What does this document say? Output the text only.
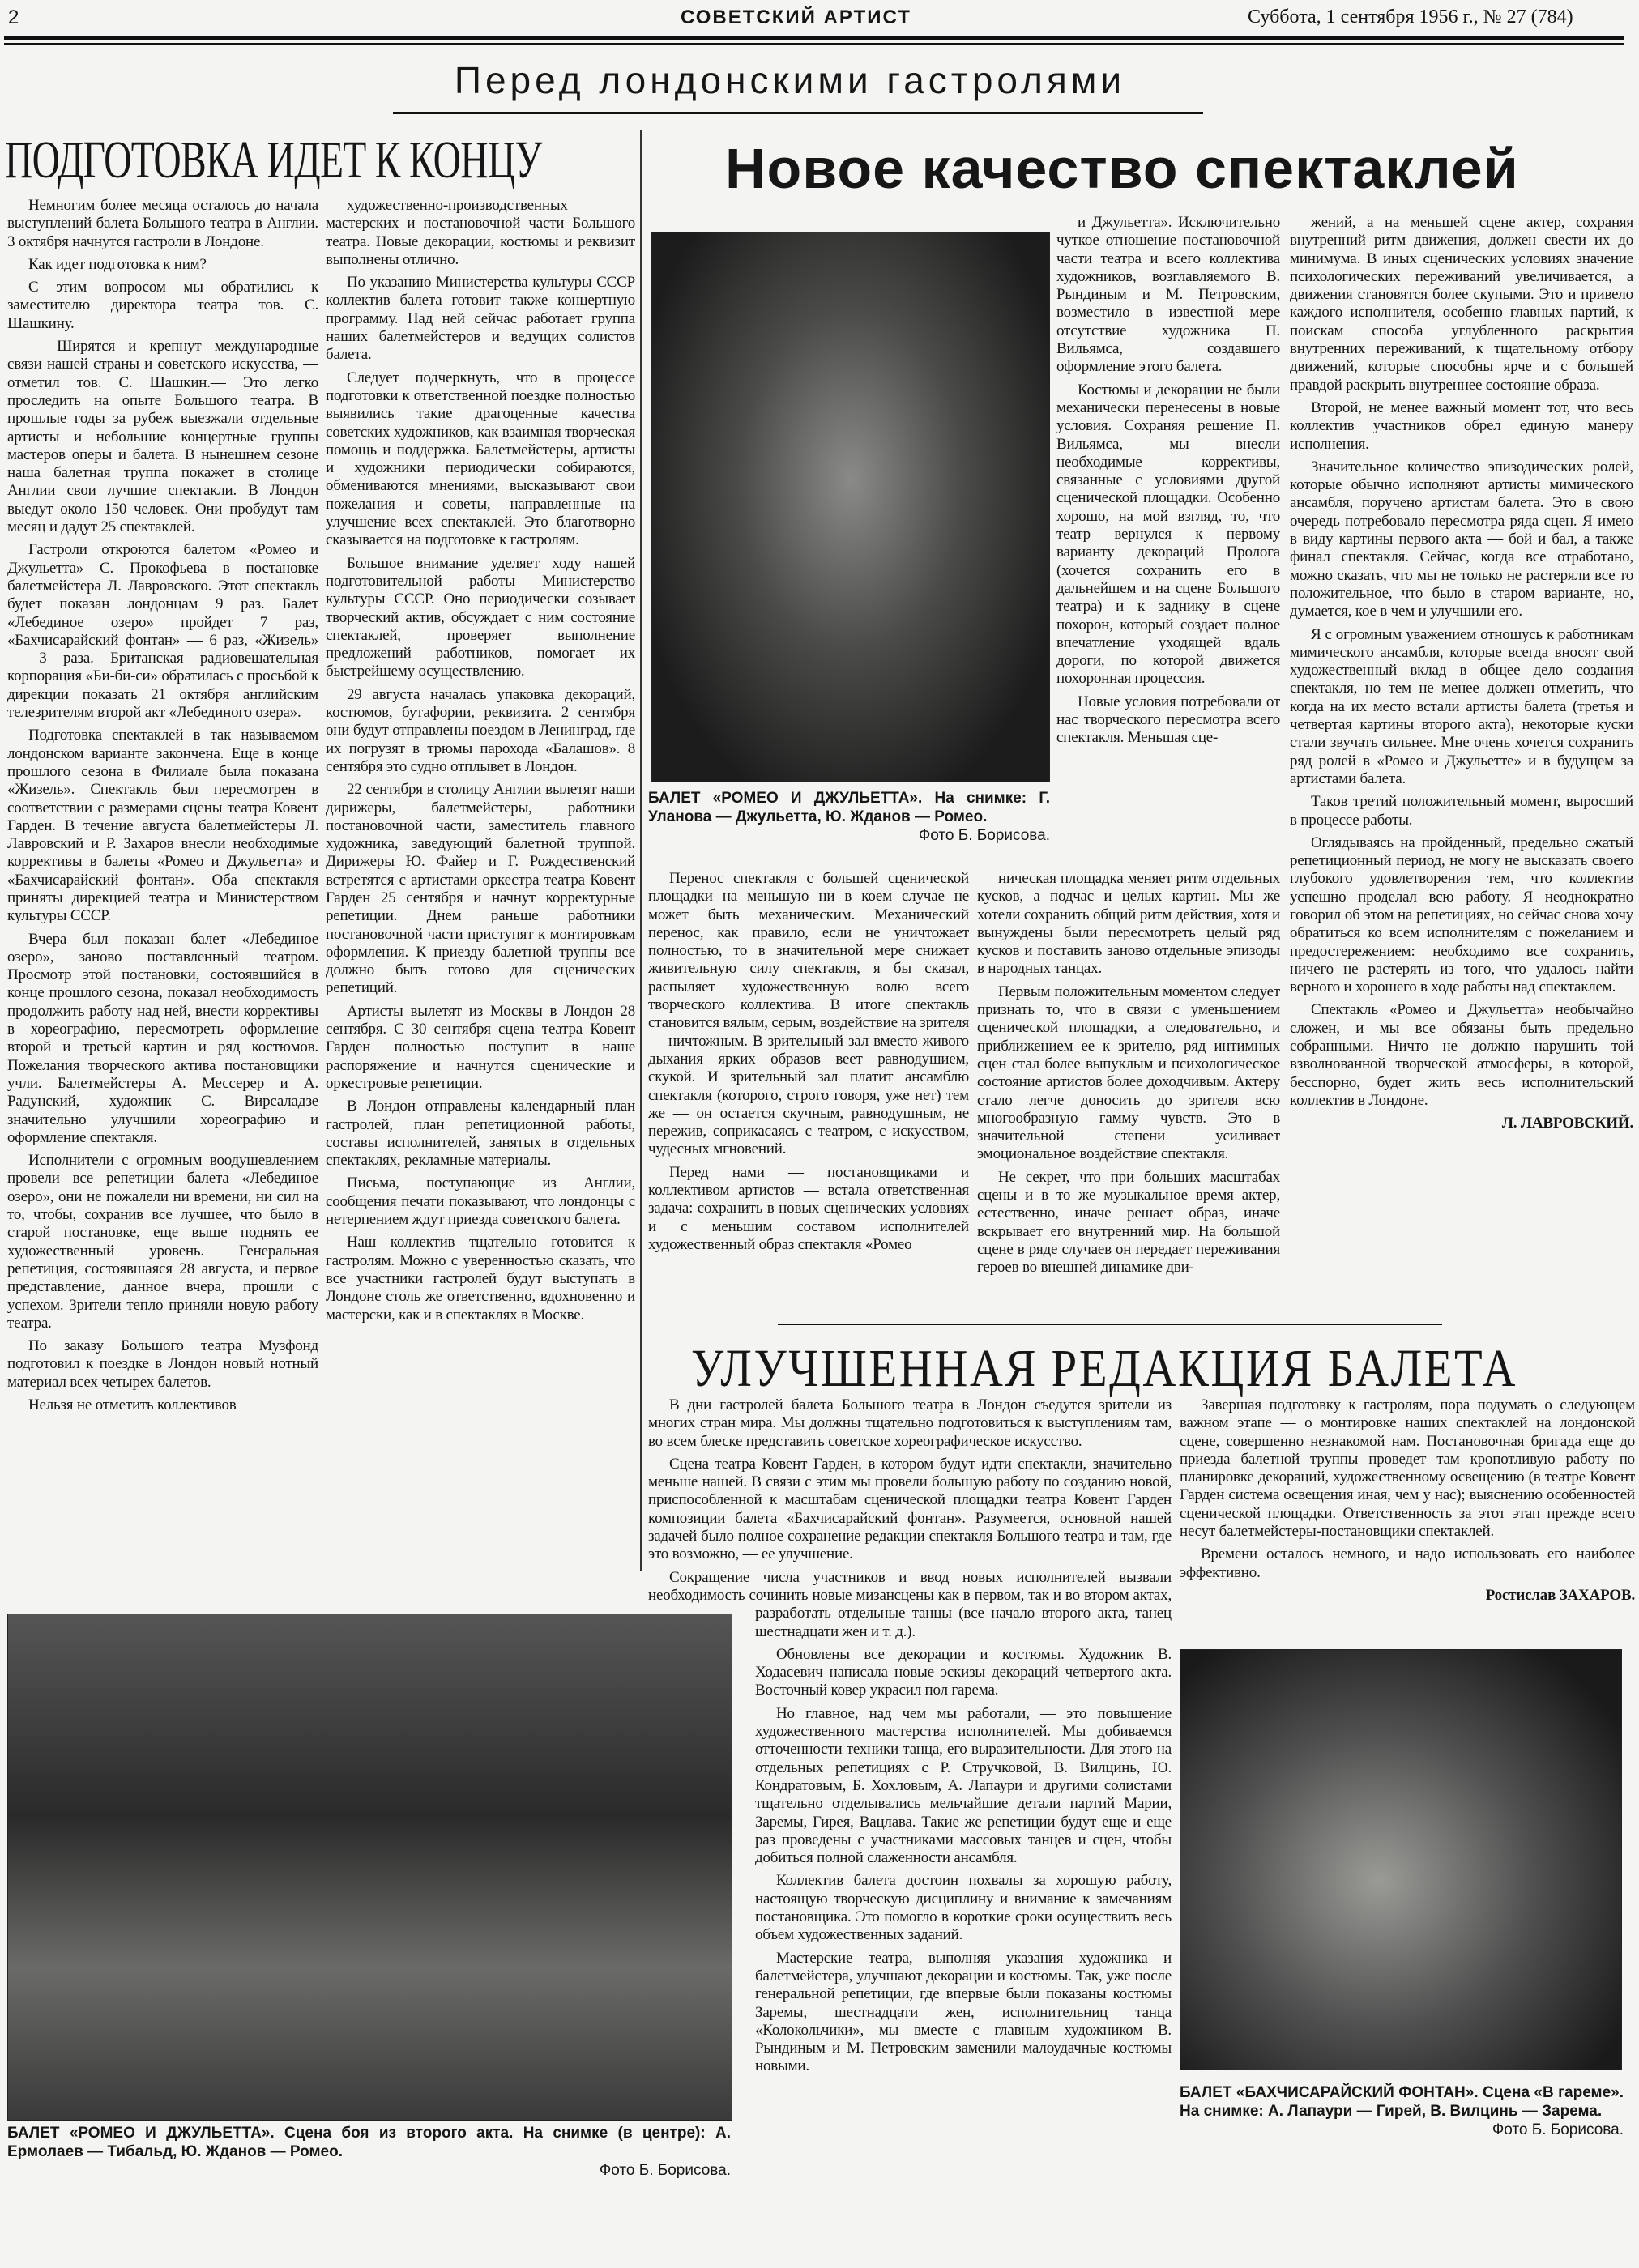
2	СОВЕТСКИЙ АРТИСТ	Суббота, 1 сентября 1956 г., № 27 (784)
Перед лондонскими гастролями
ПОДГОТОВКА ИДЕТ К КОНЦУ

Немногим более месяца осталось до начала выступлений балета Большого театра в Англии. 3 октября начнутся гастроли в Лондоне.

Как идет подготовка к ним?

С этим вопросом мы обратились к заместителю директора театра тов. С. Шашкину.

— Ширятся и крепнут международные связи нашей страны и советского искусства, — отметил тов. С. Шашкин.— Это легко проследить на опыте Большого театра. В прошлые годы за рубеж выезжали отдельные артисты и небольшие концертные группы мастеров оперы и балета. В нынешнем сезоне наша балетная труппа покажет в столице Англии свои лучшие спектакли. В Лондон выедут около 150 человек. Они пробудут там месяц и дадут 25 спектаклей.

Гастроли откроются балетом «Ромео и Джульетта» С. Прокофьева в постановке балетмейстера Л. Лавровского. Этот спектакль будет показан лондонцам 9 раз. Балет «Лебединое озеро» пройдет 7 раз, «Бахчисарайский фонтан» — 6 раз, «Жизель» — 3 раза. Британская радиовещательная корпорация «Би-би-си» обратилась с просьбой к дирекции показать 21 октября английским телезрителям второй акт «Лебединого озера».

Подготовка спектаклей в так называемом лондонском варианте закончена. Еще в конце прошлого сезона в Филиале была показана «Жизель». Спектакль был пересмотрен в соответствии с размерами сцены театра Ковент Гарден. В течение августа балетмейстеры Л. Лавровский и Р. Захаров внесли необходимые коррективы в балеты «Ромео и Джульетта» и «Бахчисарайский фонтан». Оба спектакля приняты дирекцией театра и Министерством культуры СССР.

Вчера был показан балет «Лебединое озеро», заново поставленный театром. Просмотр этой постановки, состоявшийся в конце прошлого сезона, показал необходимость продолжить работу над ней, внести коррективы в хореографию, пересмотреть оформление второй и третьей картин и ряд костюмов. Пожелания творческого актива постановщики учли. Балетмейстеры А. Мессерер и А. Радунский, художник С. Вирсаладзе значительно улучшили хореографию и оформление спектакля.

Исполнители с огромным воодушевлением провели все репетиции балета «Лебединое озеро», они не пожалели ни времени, ни сил на то, чтобы, сохранив все лучшее, что было в старой постановке, еще выше поднять ее художественный уровень. Генеральная репетиция, состоявшаяся 28 августа, и первое представление, данное вчера, прошли с успехом. Зрители тепло приняли новую работу театра.

По заказу Большого театра Музфонд подготовил к поездке в Лондон новый нотный материал всех четырех балетов.

Нельзя не отметить коллективов

художественно-производственных мастерских и постановочной части Большого театра. Новые декорации, костюмы и реквизит выполнены отлично.

По указанию Министерства культуры СССР коллектив балета готовит также концертную программу. Над ней сейчас работает группа наших балетмейстеров и ведущих солистов балета.

Следует подчеркнуть, что в процессе подготовки к ответственной поездке полностью выявились такие драгоценные качества советских художников, как взаимная творческая помощь и поддержка. Балетмейстеры, артисты и художники периодически собираются, обмениваются мнениями, высказывают свои пожелания и советы, направленные на улучшение всех спектаклей. Это благотворно сказывается на подготовке к гастролям.

Большое внимание уделяет ходу нашей подготовительной работы Министерство культуры СССР. Оно периодически созывает творческий актив, обсуждает с ним состояние спектаклей, проверяет выполнение предложений работников, помогает их быстрейшему осуществлению.

29 августа началась упаковка декораций, костюмов, бутафории, реквизита. 2 сентября они будут отправлены поездом в Ленинград, где их погрузят в трюмы парохода «Балашов». 8 сентября это судно отплывет в Лондон.

22 сентября в столицу Англии вылетят наши дирижеры, балетмейстеры, работники постановочной части, заместитель главного художника, заведующий балетной труппой. Дирижеры Ю. Файер и Г. Рождественский встретятся с артистами оркестра театра Ковент Гарден 25 сентября и начнут корректурные репетиции. Днем раньше работники постановочной части приступят к монтировкам оформления. К приезду балетной труппы все должно быть готово для сценических репетиций.

Артисты вылетят из Москвы в Лондон 28 сентября. С 30 сентября сцена театра Ковент Гарден полностью поступит в наше распоряжение и начнутся сценические и оркестровые репетиции.

В Лондон отправлены календарный план гастролей, план репетиционной работы, составы исполнителей, занятых в отдельных спектаклях, рекламные материалы.

Письма, поступающие из Англии, сообщения печати показывают, что лондонцы с нетерпением ждут приезда советского балета.

Наш коллектив тщательно готовится к гастролям. Можно с уверенностью сказать, что все участники гастролей будут выступать в Лондоне столь же ответственно, вдохновенно и мастерски, как и в спектаклях в Москве.

Новое качество спектаклей
БАЛЕТ «РОМЕО И ДЖУЛЬЕТТА». На снимке: Г. Уланова — Джульетта, Ю. Жданов — Ромео.
Фото Б. Борисова.

и Джульетта». Исключительно чуткое отношение постановочной части театра и всего коллектива художников, возглавляемого В. Рындиным и М. Петровским, возместило в известной мере отсутствие художника П. Вильямса, создавшего оформление этого балета.

Костюмы и декорации не были механически перенесены в новые условия. Сохраняя решение П. Вильямса, мы внесли необходимые коррективы, связанные с условиями другой сценической площадки. Особенно хорошо, на мой взгляд, то, что театр вернулся к первому варианту декораций Пролога (хочется сохранить его в дальнейшем и на сцене Большого театра) и к заднику в сцене похорон, который создает полное впечатление уходящей вдаль дороги, по которой движется похоронная процессия.

Новые условия потребовали от нас творческого пересмотра всего спектакля. Меньшая сце-

жений, а на меньшей сцене актер, сохраняя внутренний ритм движения, должен свести их до минимума. В иных сценических условиях значение психологических переживаний увеличивается, а движения становятся более скупыми. Это и привело каждого исполнителя, особенно главных партий, к поискам способа углубленного раскрытия внутренних переживаний, к тщательному отбору движений, которые способны ярче и с большей правдой раскрыть внутреннее состояние образа.

Второй, не менее важный момент тот, что весь коллектив участников обрел единую манеру исполнения.

Значительное количество эпизодических ролей, которые обычно исполняют артисты мимического ансамбля, поручено артистам балета. Это в свою очередь потребовало пересмотра ряда сцен. Я имею в виду картины первого акта — бой и бал, а также финал спектакля. Сейчас, когда все отработано, можно сказать, что мы не только не растеряли все то положительное, что было в старом варианте, но, думается, кое в чем и улучшили его.

Я с огромным уважением отношусь к работникам мимического ансамбля, которые всегда вносят свой художественный вклад в общее дело создания спектакля, но тем не менее должен отметить, что когда на их место встали артисты балета (третья и четвертая картины второго акта), некоторые куски стали звучать сильнее. Мне очень хочется сохранить ряд ролей в «Ромео и Джульетте» и в будущем за артистами балета.

Таков третий положительный момент, выросший в процессе работы.

Оглядываясь на пройденный, предельно сжатый репетиционный период, не могу не высказать своего глубокого удовлетворения тем, что коллектив успешно проделал всю работу. Я неоднократно говорил об этом на репетициях, но сейчас снова хочу обратиться ко всем исполнителям с пожеланием и предостережением: необходимо все сохранить, ничего не растерять из того, что удалось найти верного и хорошего в ходе работы над спектаклем.

Спектакль «Ромео и Джульетта» необычайно сложен, и мы все обязаны быть предельно собранными. Ничто не должно нарушить той взволнованной творческой атмосферы, в которой, бесспорно, будет жить весь исполнительский коллектив в Лондоне.

Л. ЛАВРОВСКИЙ.

Перенос спектакля с большей сценической площадки на меньшую ни в коем случае не может быть механическим. Механический перенос, как правило, если не уничтожает полностью, то в значительной мере снижает живительную силу спектакля, я бы сказал, распыляет художественную волю всего творческого коллектива. В итоге спектакль становится вялым, серым, воздействие на зрителя — ничтожным. В зрительный зал вместо живого дыхания ярких образов веет равнодушием, скукой. И зрительный зал платит ансамблю спектакля (которого, строго говоря, уже нет) тем же — он остается скучным, равнодушным, не пережив, соприкасаясь с театром, с искусством, чудесных мгновений.

Перед нами — постановщиками и коллективом артистов — встала ответственная задача: сохранить в новых сценических условиях и с меньшим составом исполнителей художественный образ спектакля «Ромео

ническая площадка меняет ритм отдельных кусков, а подчас и целых картин. Мы же хотели сохранить общий ритм действия, хотя и вынуждены были пересмотреть целый ряд кусков и поставить заново отдельные эпизоды в народных танцах.

Первым положительным моментом следует признать то, что в связи с уменьшением сценической площадки, а следовательно, и приближением ее к зрителю, ряд интимных сцен стал более выпуклым и психологическое состояние артистов более доходчивым. Актеру стало легче доносить до зрителя всю многообразную гамму чувств. Это в значительной степени усиливает эмоциональное воздействие спектакля.

Не секрет, что при больших масштабах сцены и в то же музыкальное время актер, естественно, иначе решает образ, иначе вскрывает его внутренний мир. На большой сцене в ряде случаев он передает переживания героев во внешней динамике дви-

УЛУЧШЕННАЯ РЕДАКЦИЯ БАЛЕТА

В дни гастролей балета Большого театра в Лондон съедутся зрители из многих стран мира. Мы должны тщательно подготовиться к выступлениям там, во всем блеске представить советское хореографическое искусство.

Сцена театра Ковент Гарден, в котором будут идти спектакли, значительно меньше нашей. В связи с этим мы провели большую работу по созданию новой, приспособленной к масштабам сценической площадки театра Ковент Гарден композиции балета «Бахчисарайский фонтан». Разумеется, основной нашей задачей было полное сохранение редакции спектакля Большого театра и там, где это возможно, — ее улучшение.

Сокращение числа участников и ввод новых исполнителей вызвали необходимость сочинить новые мизансцены как в первом, так и во втором актах, разработать отдельные танцы (все начало второго акта, танец шестнадцати жен и т. д.).

Обновлены все декорации и костюмы. Художник В. Ходасевич написала новые эскизы декораций четвертого акта. Восточный ковер украсил пол гарема.

Но главное, над чем мы работали, — это повышение художественного мастерства исполнителей. Мы добиваемся отточенности техники танца, его выразительности. Для этого на отдельных репетициях с Р. Стручковой, В. Вилцинь, Ю. Кондратовым, Б. Хохловым, А. Лапаури и другими солистами тщательно отделывались мельчайшие детали партий Марии, Заремы, Гирея, Вацлава. Такие же репетиции будут еще и еще раз проведены с участниками массовых танцев и сцен, чтобы добиться полной слаженности ансамбля.

Коллектив балета достоин похвалы за хорошую работу, настоящую творческую дисциплину и внимание к замечаниям постановщика. Это помогло в короткие сроки осуществить весь объем художественных заданий.

Мастерские театра, выполняя указания художника и балетмейстера, улучшают декорации и костюмы. Так, уже после генеральной репетиции, где впервые были показаны костюмы Заремы, шестнадцати жен, исполнительниц танца «Колокольчики», мы вместе с главным художником В. Рындиным и М. Петровским заменили малоудачные костюмы новыми.

Завершая подготовку к гастролям, пора подумать о следующем важном этапе — о монтировке наших спектаклей на лондонской сцене, совершенно незнакомой нам. Постановочная бригада еще до приезда балетной труппы проведет там кропотливую работу по планировке декораций, художественному освещению (в театре Ковент Гарден система освещения иная, чем у нас); выяснению особенностей сценической площадки. Ответственность за этот этап прежде всего несут балетмейстеры-постановщики спектаклей.

Времени осталось немного, и надо использовать его наиболее эффективно.

Ростислав ЗАХАРОВ.
БАЛЕТ «РОМЕО И ДЖУЛЬЕТТА». Сцена боя из второго акта. На снимке (в центре): А. Ермолаев — Тибальд, Ю. Жданов — Ромео.
Фото Б. Борисова.
БАЛЕТ «БАХЧИСАРАЙСКИЙ ФОНТАН». Сцена «В гареме». На снимке: А. Лапаури — Гирей, В. Вилцинь — Зарема.
Фото Б. Борисова.
